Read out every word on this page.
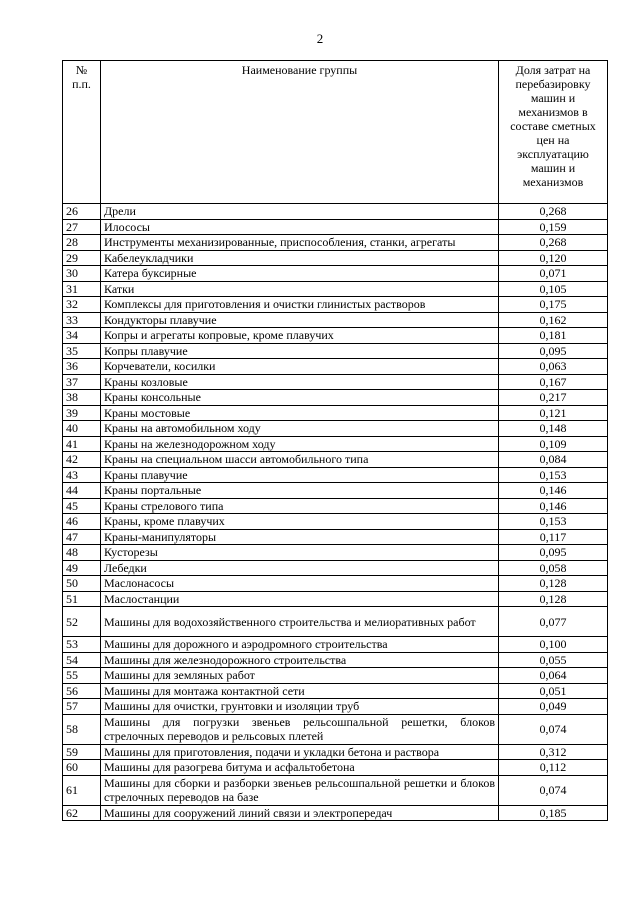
2
№ п.п.	Наименование группы	Доля затрат на перебазировку машин и механизмов в составе сметных цен на эксплуатацию машин и механизмов
26	Дрели	0,268
27	Илососы	0,159
28	Инструменты механизированные, приспособления, станки, агрегаты	0,268
29	Кабелеукладчики	0,120
30	Катера буксирные	0,071
31	Катки	0,105
32	Комплексы для приготовления и очистки глинистых растворов	0,175
33	Кондукторы плавучие	0,162
34	Копры и агрегаты копровые, кроме плавучих	0,181
35	Копры плавучие	0,095
36	Корчеватели, косилки	0,063
37	Краны козловые	0,167
38	Краны консольные	0,217
39	Краны мостовые	0,121
40	Краны на автомобильном ходу	0,148
41	Краны на железнодорожном ходу	0,109
42	Краны на специальном шасси автомобильного типа	0,084
43	Краны плавучие	0,153
44	Краны портальные	0,146
45	Краны стрелового типа	0,146
46	Краны, кроме плавучих	0,153
47	Краны-манипуляторы	0,117
48	Кусторезы	0,095
49	Лебедки	0,058
50	Маслонасосы	0,128
51	Маслостанции	0,128
52	Машины для водохозяйственного строительства и мелиоративных работ	0,077
53	Машины для дорожного и аэродромного строительства	0,100
54	Машины для железнодорожного строительства	0,055
55	Машины для земляных работ	0,064
56	Машины для монтажа контактной сети	0,051
57	Машины для очистки, грунтовки и изоляции труб	0,049
58	Машины для погрузки звеньев рельсошпальной решетки, блоков стрелочных переводов и рельсовых плетей	0,074
59	Машины для приготовления, подачи и укладки бетона и раствора	0,312
60	Машины для разогрева битума и асфальтобетона	0,112
61	Машины для сборки и разборки звеньев рельсошпальной решетки и блоков стрелочных переводов на базе	0,074
62	Машины для сооружений линий связи и электропередач	0,185
